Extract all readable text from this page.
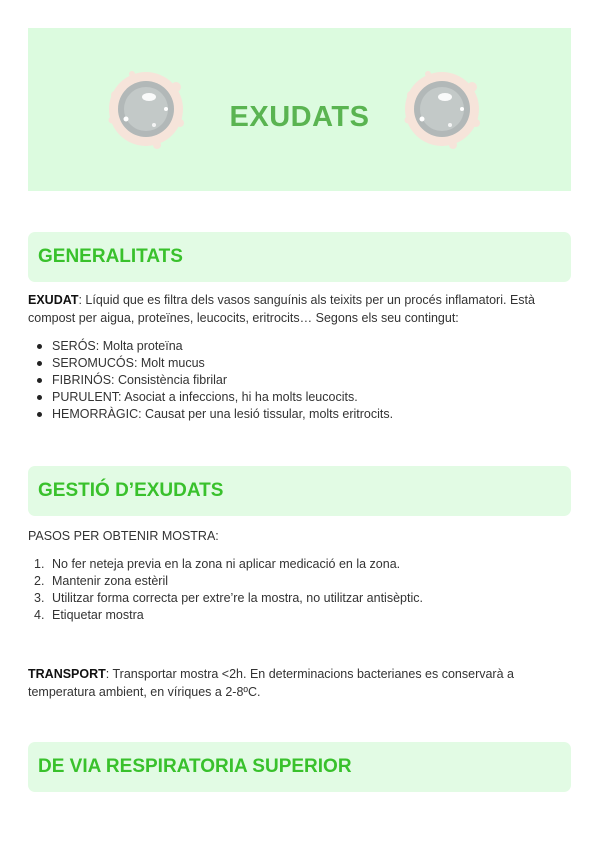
EXUDATS
GENERALITATS
EXUDAT: Líquid que es filtra dels vasos sanguínis als teixits per un procés inflamatori. Està compost per aigua, proteïnes, leucocits, eritrocits… Segons els seu contingut:
SERÓS: Molta proteïna
SEROMUCÓS: Molt mucus
FIBRINÓS: Consistència fibrilar
PURULENT: Asociat a infeccions, hi ha molts leucocits.
HEMORRÀGIC: Causat per una lesió tissular, molts eritrocits.
GESTIÓ D’EXUDATS
PASOS PER OBTENIR MOSTRA:
1. No fer neteja previa en la zona ni aplicar medicació en la zona.
2. Mantenir zona estèril
3. Utilitzar forma correcta per extre’re la mostra, no utilitzar antisèptic.
4. Etiquetar mostra
TRANSPORT: Transportar mostra <2h. En determinacions bacterianes es conservarà a temperatura ambient, en víriques a 2-8ºC.
DE VIA RESPIRATORIA SUPERIOR
